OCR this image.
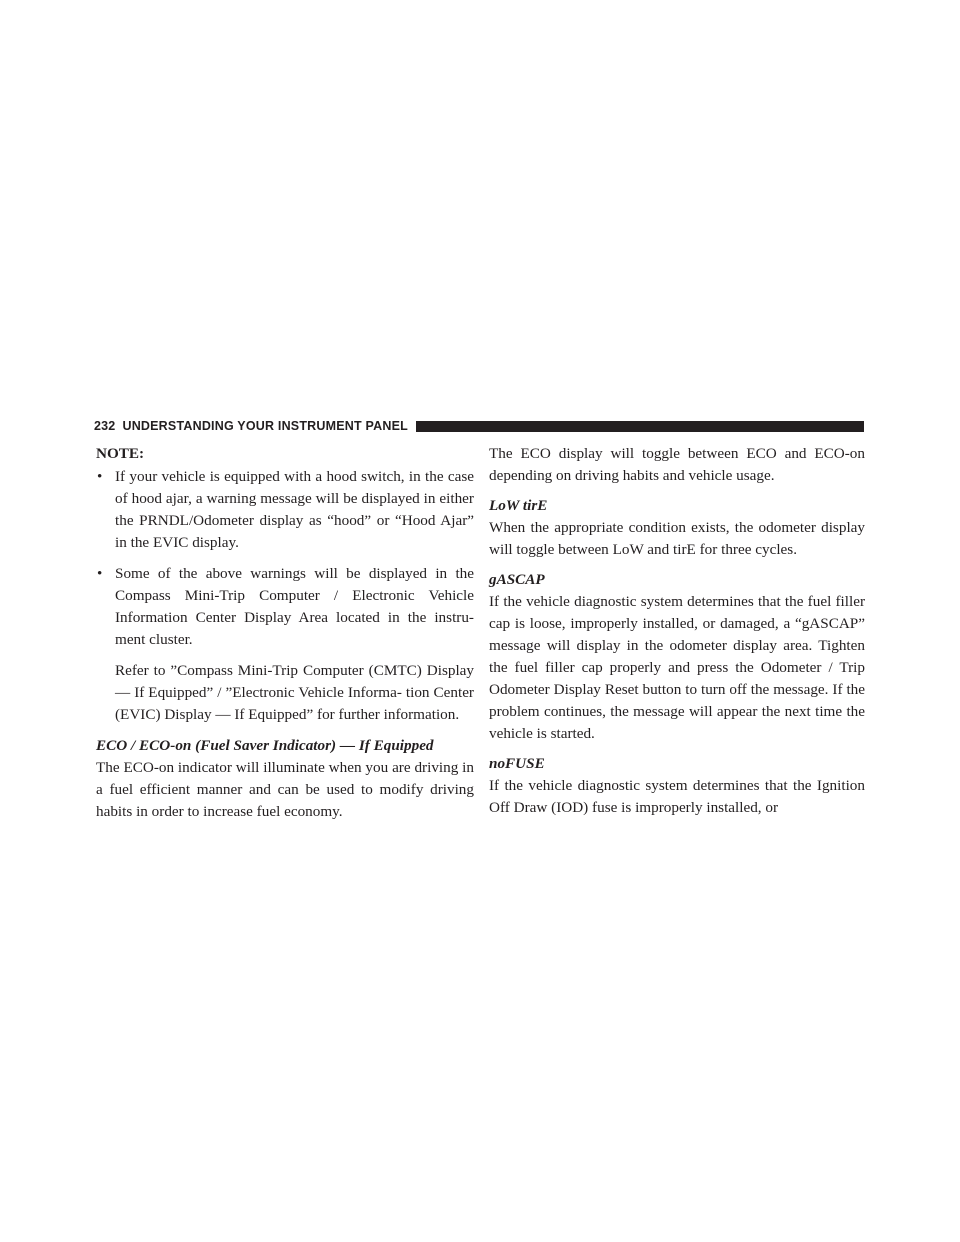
232 UNDERSTANDING YOUR INSTRUMENT PANEL

NOTE:

• If your vehicle is equipped with a hood switch, in the case of hood ajar, a warning message will be displayed in either the PRNDL/Odometer display as “hood” or “Hood Ajar” in the EVIC display.
• Some of the above warnings will be displayed in the Compass Mini-Trip Computer / Electronic Vehicle Information Center Display Area located in the instru- ment cluster.

Refer to ”Compass Mini-Trip Computer (CMTC) Display— If Equipped” / ”Electronic Vehicle Informa- tion Center (EVIC) Display — If Equipped” for further information.

ECO / ECO-on (Fuel Saver Indicator) — If Equipped

The ECO-on indicator will illuminate when you are driving in a fuel efficient manner and can be used to modify driving habits in order to increase fuel economy.

The ECO display will toggle between ECO and ECO-on depending on driving habits and vehicle usage.

LoW tirE

When the appropriate condition exists, the odometer display will toggle between LoW and tirE for three cycles.

gASCAP

If the vehicle diagnostic system determines that the fuel filler cap is loose, improperly installed, or damaged, a “gASCAP” message will display in the odometer display area. Tighten the fuel filler cap properly and press the Odometer / Trip Odometer Display Reset button to turn off the message. If the problem continues, the message will appear the next time the vehicle is started.

noFUSE

If the vehicle diagnostic system determines that the Ignition Off Draw (IOD) fuse is improperly installed, or
